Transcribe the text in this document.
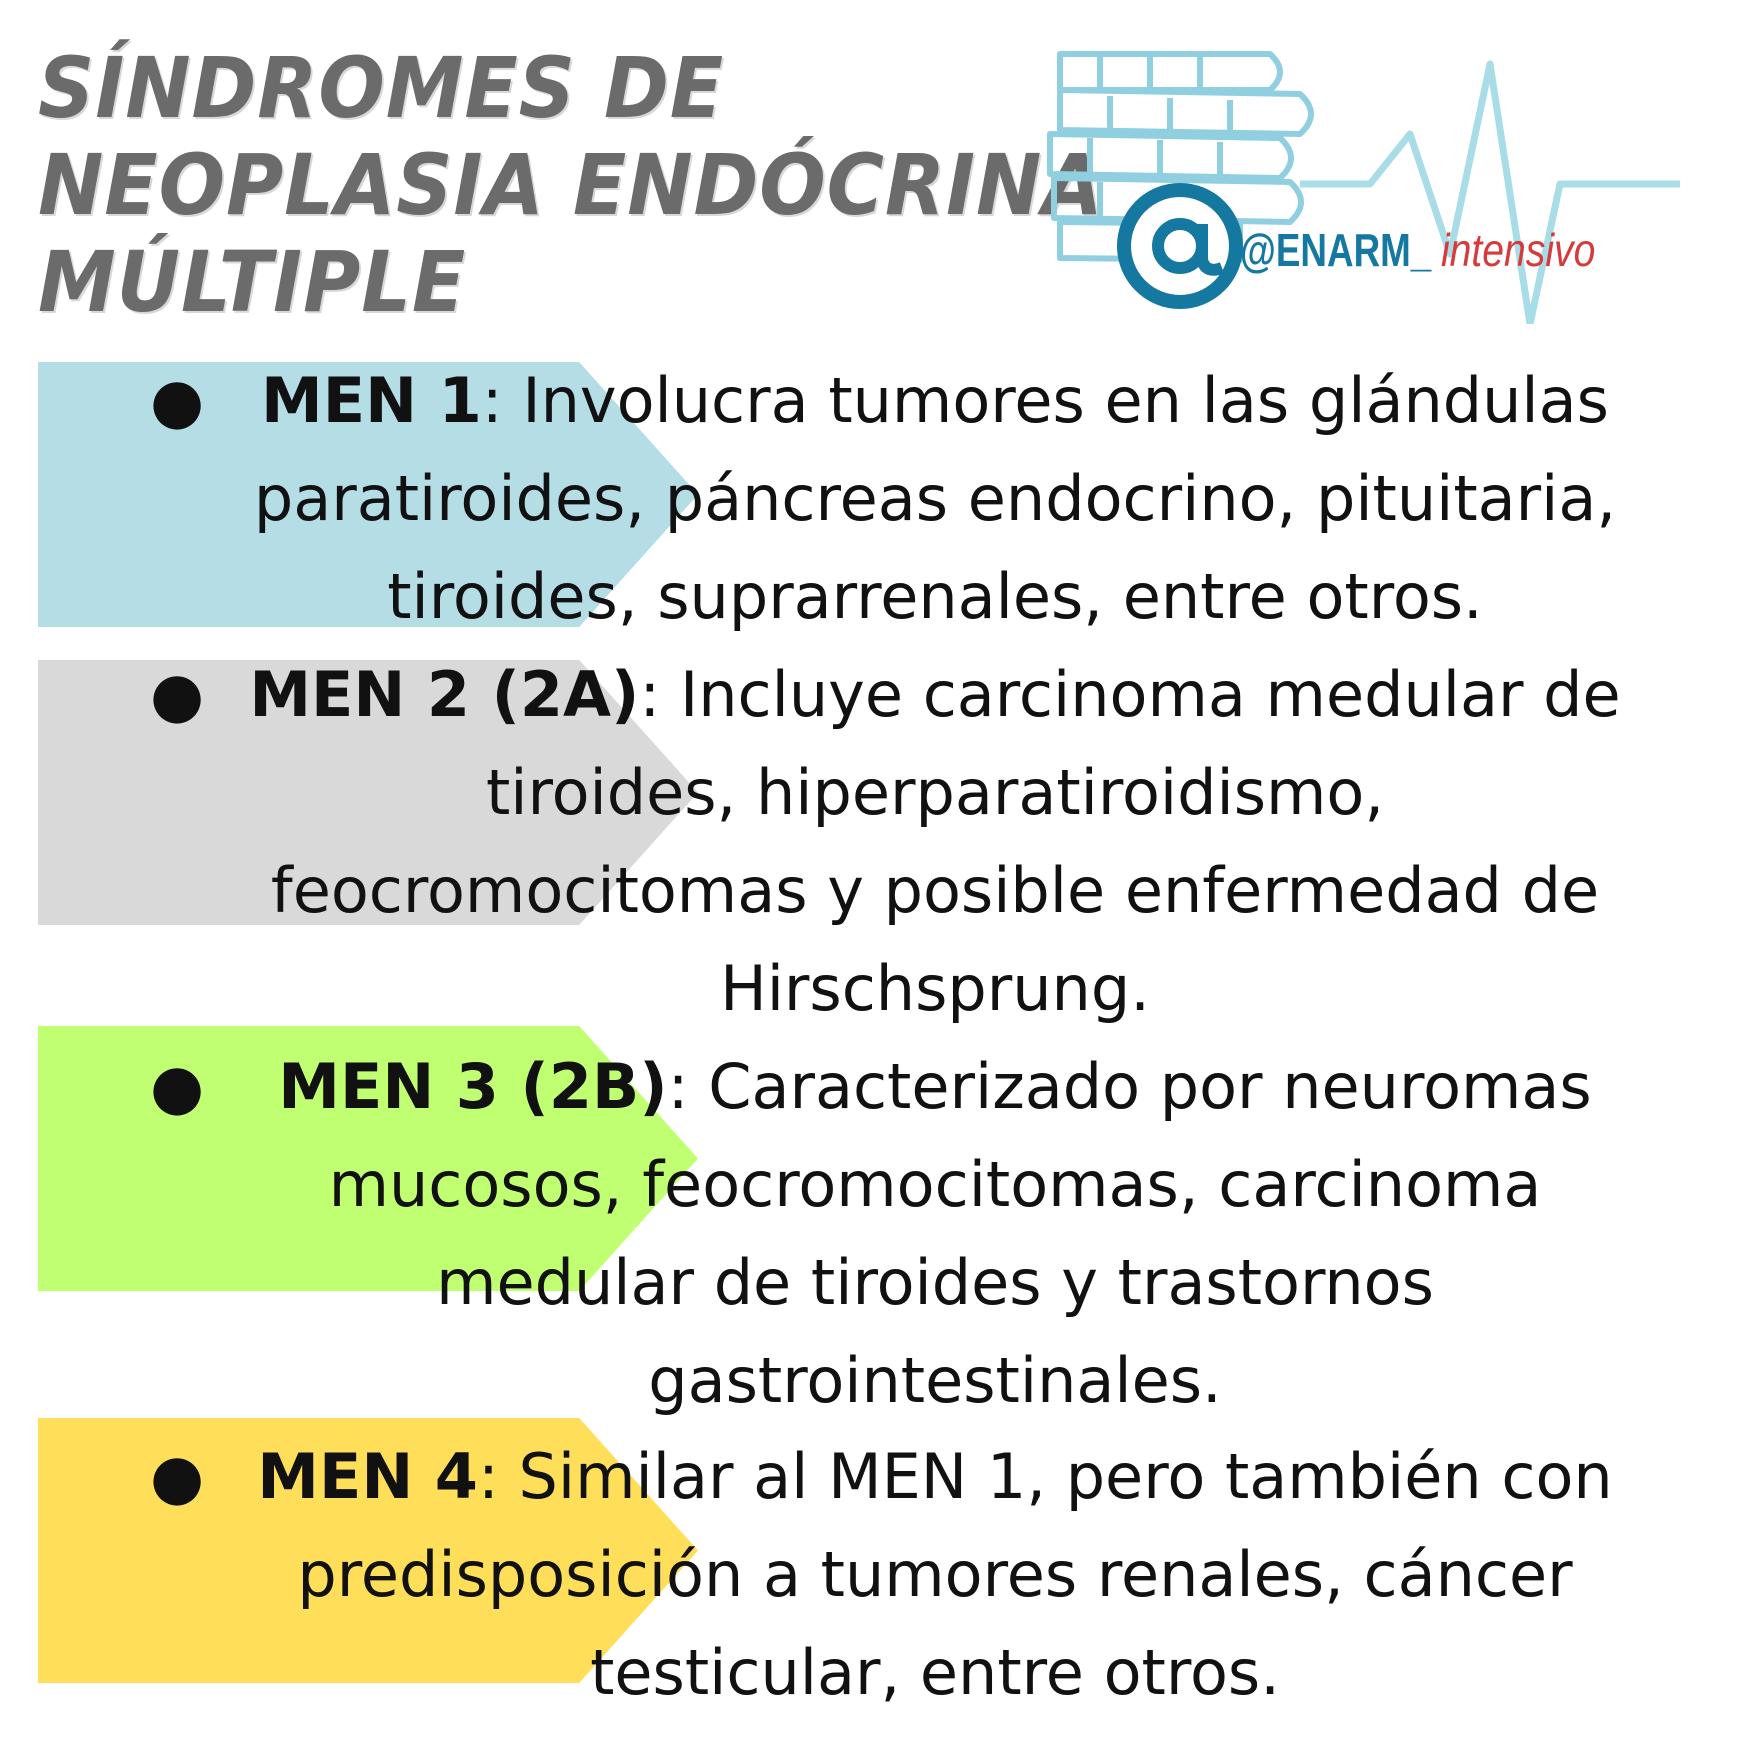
SÍNDROMES DE
NEOPLASIA ENDÓCRINA
MÚLTIPLE	@ENARM_ intensivo
● MEN 1: Involucra tumores en las glándulas paratiroides, páncreas endocrino, pituitaria, tiroides, suprarrenales, entre otros.
● MEN 2 (2A): Incluye carcinoma medular de tiroides, hiperparatiroidismo, feocromocitomas y posible enfermedad de Hirschsprung.
●	MEN 3 (2B): Caracterizado por neuromas mucosos, feocromocitomas, carcinoma medular de tiroides y trastornos gastrointestinales.
● MEN 4: Similar al MEN 1, pero también con predisposición a tumores renales, cáncer testicular, entre otros.
